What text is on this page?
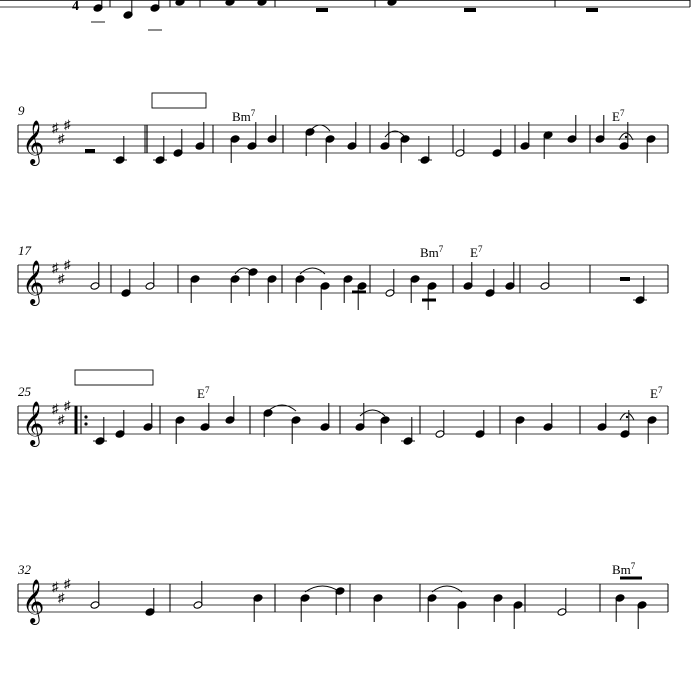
4
𝄞 ♯
♯
♯
9	Bm$^7$	$E^7$
𝄞 ♯
♯
♯
17	Bm$^7$ $E^7$
𝄞 ♯
♯
♯
25	$E^7$	$E^7$
𝄞 ♯
♯
♯
32	Bm$^7$
